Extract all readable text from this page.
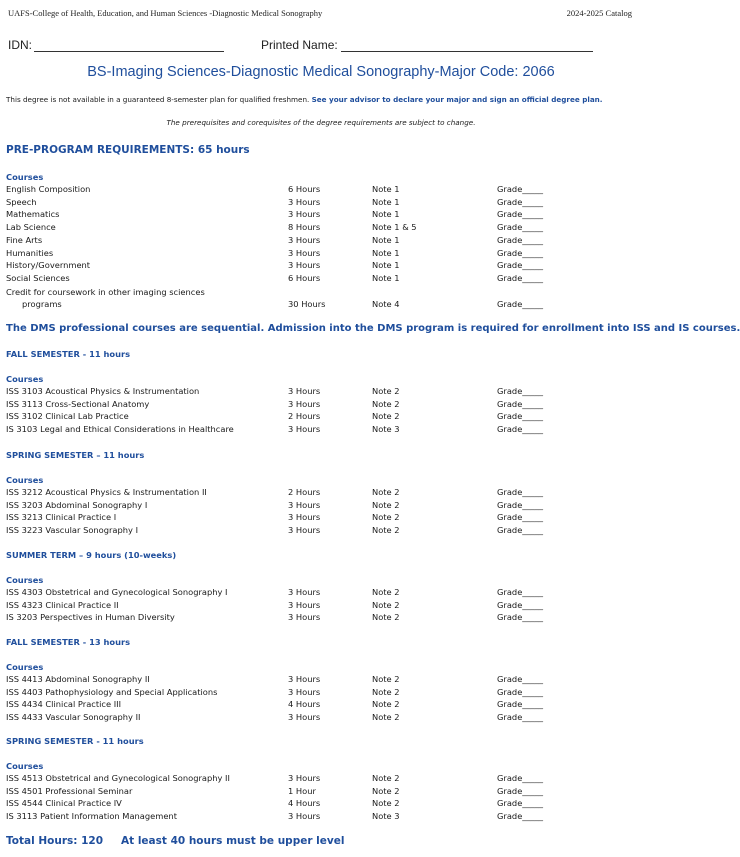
UAFS-College of Health, Education, and Human Sciences -Diagnostic Medical Sonography	2024-2025 Catalog
IDN:	Printed Name:
BS-Imaging Sciences-Diagnostic Medical Sonography-Major Code: 2066
This degree is not available in a guaranteed 8-semester plan for qualified freshmen. See your advisor to declare your major and sign an official degree plan.
The prerequisites and corequisites of the degree requirements are subject to change.
PRE-PROGRAM REQUIREMENTS: 65 hours
Courses
English Composition	6 Hours	Note 1	Grade_____
Speech	3 Hours	Note 1	Grade_____
Mathematics	3 Hours	Note 1	Grade_____
Lab Science	8 Hours	Note 1 & 5	Grade_____
Fine Arts	3 Hours	Note 1	Grade_____
Humanities	3 Hours	Note 1	Grade_____
History/Government	3 Hours	Note 1	Grade_____
Social Sciences	6 Hours	Note 1	Grade_____
Credit for coursework in other imaging sciences
programs	30 Hours	Note 4	Grade_____
The DMS professional courses are sequential. Admission into the DMS program is required for enrollment into ISS and IS courses.
FALL SEMESTER - 11 hours
Courses
ISS 3103 Acoustical Physics & Instrumentation	3 Hours	Note 2	Grade_____
ISS 3113 Cross-Sectional Anatomy	3 Hours	Note 2	Grade_____
ISS 3102 Clinical Lab Practice	2 Hours	Note 2	Grade_____
IS 3103 Legal and Ethical Considerations in Healthcare	3 Hours	Note 3	Grade_____
SPRING SEMESTER – 11 hours
Courses
ISS 3212 Acoustical Physics & Instrumentation II	2 Hours	Note 2	Grade_____
ISS 3203 Abdominal Sonography I	3 Hours	Note 2	Grade_____
ISS 3213 Clinical Practice I	3 Hours	Note 2	Grade_____
ISS 3223 Vascular Sonography I	3 Hours	Note 2	Grade_____
SUMMER TERM – 9 hours (10-weeks)
Courses
ISS 4303 Obstetrical and Gynecological Sonography I	3 Hours	Note 2	Grade_____
ISS 4323 Clinical Practice II	3 Hours	Note 2	Grade_____
IS 3203 Perspectives in Human Diversity	3 Hours	Note 2	Grade_____
FALL SEMESTER - 13 hours
Courses
ISS 4413 Abdominal Sonography II	3 Hours	Note 2	Grade_____
ISS 4403 Pathophysiology and Special Applications	3 Hours	Note 2	Grade_____
ISS 4434 Clinical Practice III	4 Hours	Note 2	Grade_____
ISS 4433 Vascular Sonography II	3 Hours	Note 2	Grade_____
SPRING SEMESTER - 11 hours
Courses
ISS 4513 Obstetrical and Gynecological Sonography II	3 Hours	Note 2	Grade_____
ISS 4501 Professional Seminar	1 Hour	Note 2	Grade_____
ISS 4544 Clinical Practice IV	4 Hours	Note 2	Grade_____
IS 3113 Patient Information Management	3 Hours	Note 3	Grade_____
Total Hours: 120 At least 40 hours must be upper level
